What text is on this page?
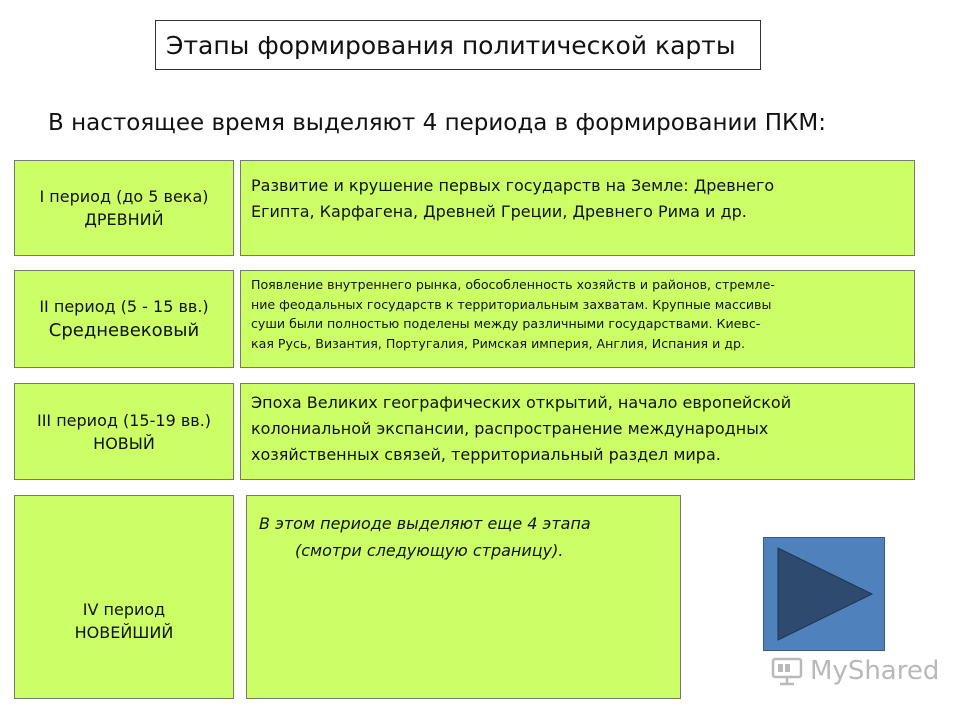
Этапы формирования политической карты
В настоящее время выделяют 4 периода в формировании ПКМ:
I период (до 5 века)
ДРЕВНИЙ
Развитие и крушение первых государств на Земле: Древнего
Египта, Карфагена, Древней Греции, Древнего Рима и др.
II период (5 - 15 вв.)
Средневековый
Появление внутреннего рынка, обособленность хозяйств и районов, стремле-
ние феодальных государств к территориальным захватам. Крупные массивы
суши были полностью поделены между различными государствами. Киевс-
кая Русь, Византия, Португалия, Римская империя, Англия, Испания и др.
III период (15-19 вв.)
НОВЫЙ
Эпоха Великих географических открытий, начало европейской
колониальной экспансии, распространение международных
хозяйственных связей, территориальный раздел мира.
IV период
НОВЕЙШИЙ
В этом периоде выделяют еще 4 этапа
(смотри следующую страницу).
MyShared
